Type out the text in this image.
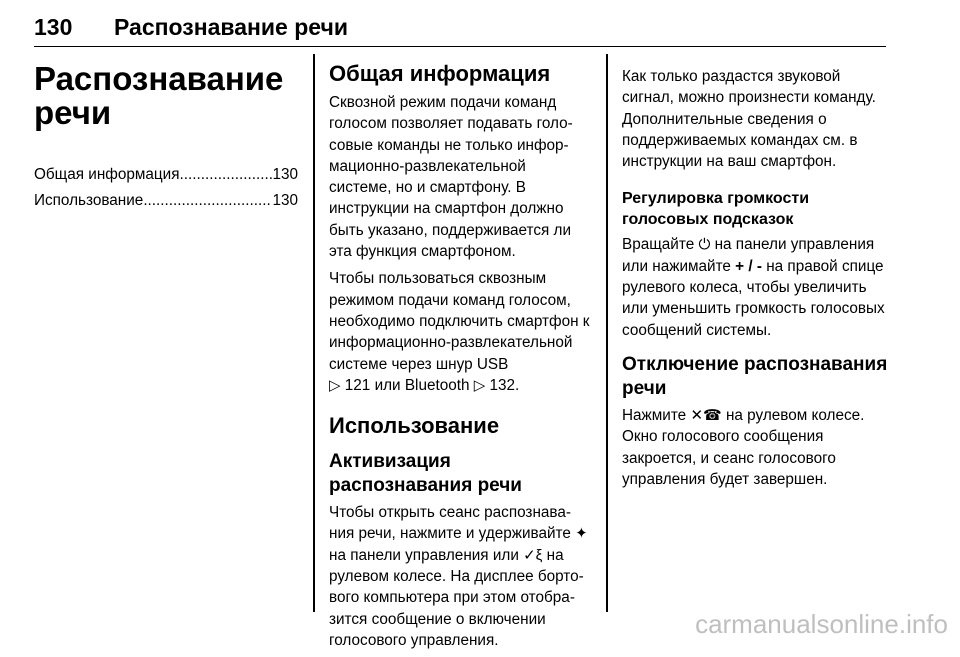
130 Распознавание речи
Распознавание
речи
Общая информация .....	130
Использование .....	130
Общая информация

Сквозной режим подачи команд голосом позволяет подавать голосовые команды не только информационно-развлекательной системе, но и смартфону. В инструкции на смартфон должно быть указано, поддерживается ли эта функция смартфоном.

Чтобы пользоваться сквозным режимом подачи команд голосом, необходимо подключить смартфон к информационно-развлекательной системе через шнур USB
▷ 121 или Bluetooth ▷ 132.

Использование
Активизация распознавания речи

Чтобы открыть сеанс распознавания речи, нажмите и удерживайте ✦ на панели управления или ✓ξ на рулевом колесе. На дисплее бортового компьютера при этом отобразится сообщение о включении голосового управления.

Как только раздастся звуковой сигнал, можно произнести команду. Дополнительные сведения о поддерживаемых командах см. в инструкции на ваш смартфон.

Регулировка громкости голосовых подсказок

Вращайте ⏻ на панели управления или нажимайте + / - на правой спице рулевого колеса, чтобы увеличить или уменьшить громкость голосовых сообщений системы.

Отключение распознавания речи

Нажмите ✕☎ на рулевом колесе. Окно голосового сообщения закроется, и сеанс голосового управления будет завершен.

carmanualsonline.info
